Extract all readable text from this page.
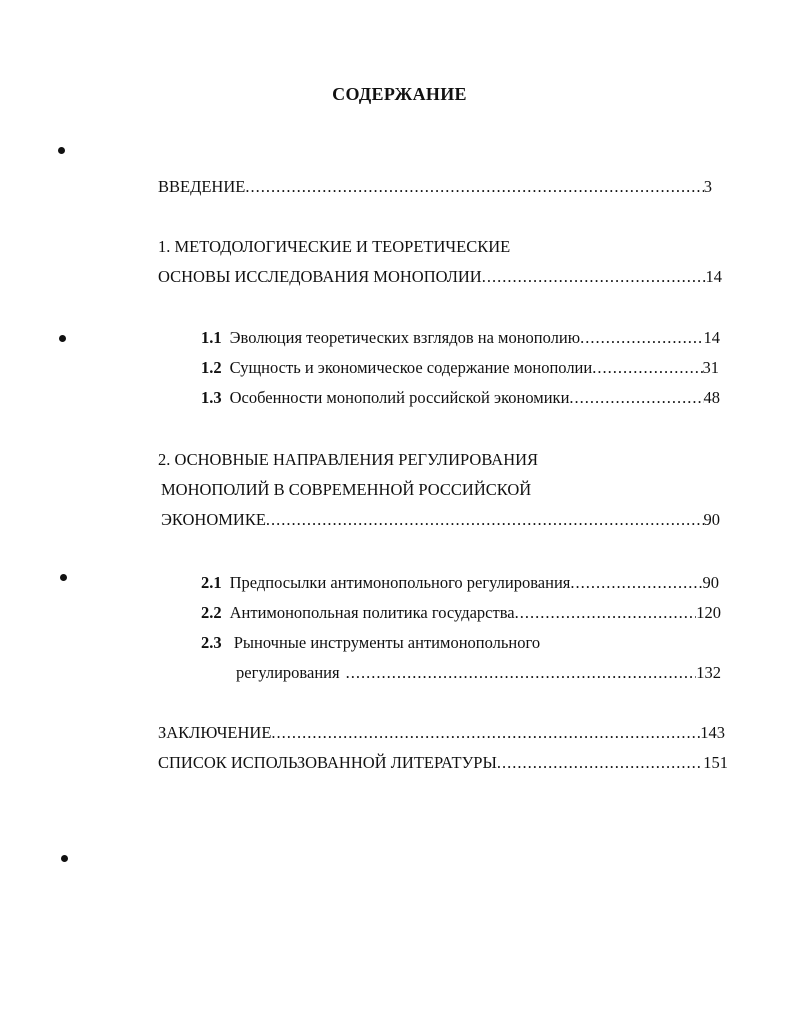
СОДЕРЖАНИЕ
ВВЕДЕНИЕ .....	3
1. МЕТОДОЛОГИЧЕСКИЕ И ТЕОРЕТИЧЕСКИЕ
ОСНОВЫ ИССЛЕДОВАНИЯ МОНОПОЛИИ .....	14
1.1 Эволюция теоретических взглядов на монополию .....	14
1.2 Сущность и экономическое содержание монополии .....	31
1.3 Особенности монополий российской экономики .....	48
2. ОСНОВНЫЕ НАПРАВЛЕНИЯ РЕГУЛИРОВАНИЯ
МОНОПОЛИЙ В СОВРЕМЕННОЙ РОССИЙСКОЙ
ЭКОНОМИКЕ .....	90
2.1 Предпосылки антимонопольного регулирования .....	90
2.2 Антимонопольная политика государства .....	120
2.3 Рыночные инструменты антимонопольного
регулирования .....	132
ЗАКЛЮЧЕНИЕ .....	143
СПИСОК ИСПОЛЬЗОВАННОЙ ЛИТЕРАТУРЫ .....	151
